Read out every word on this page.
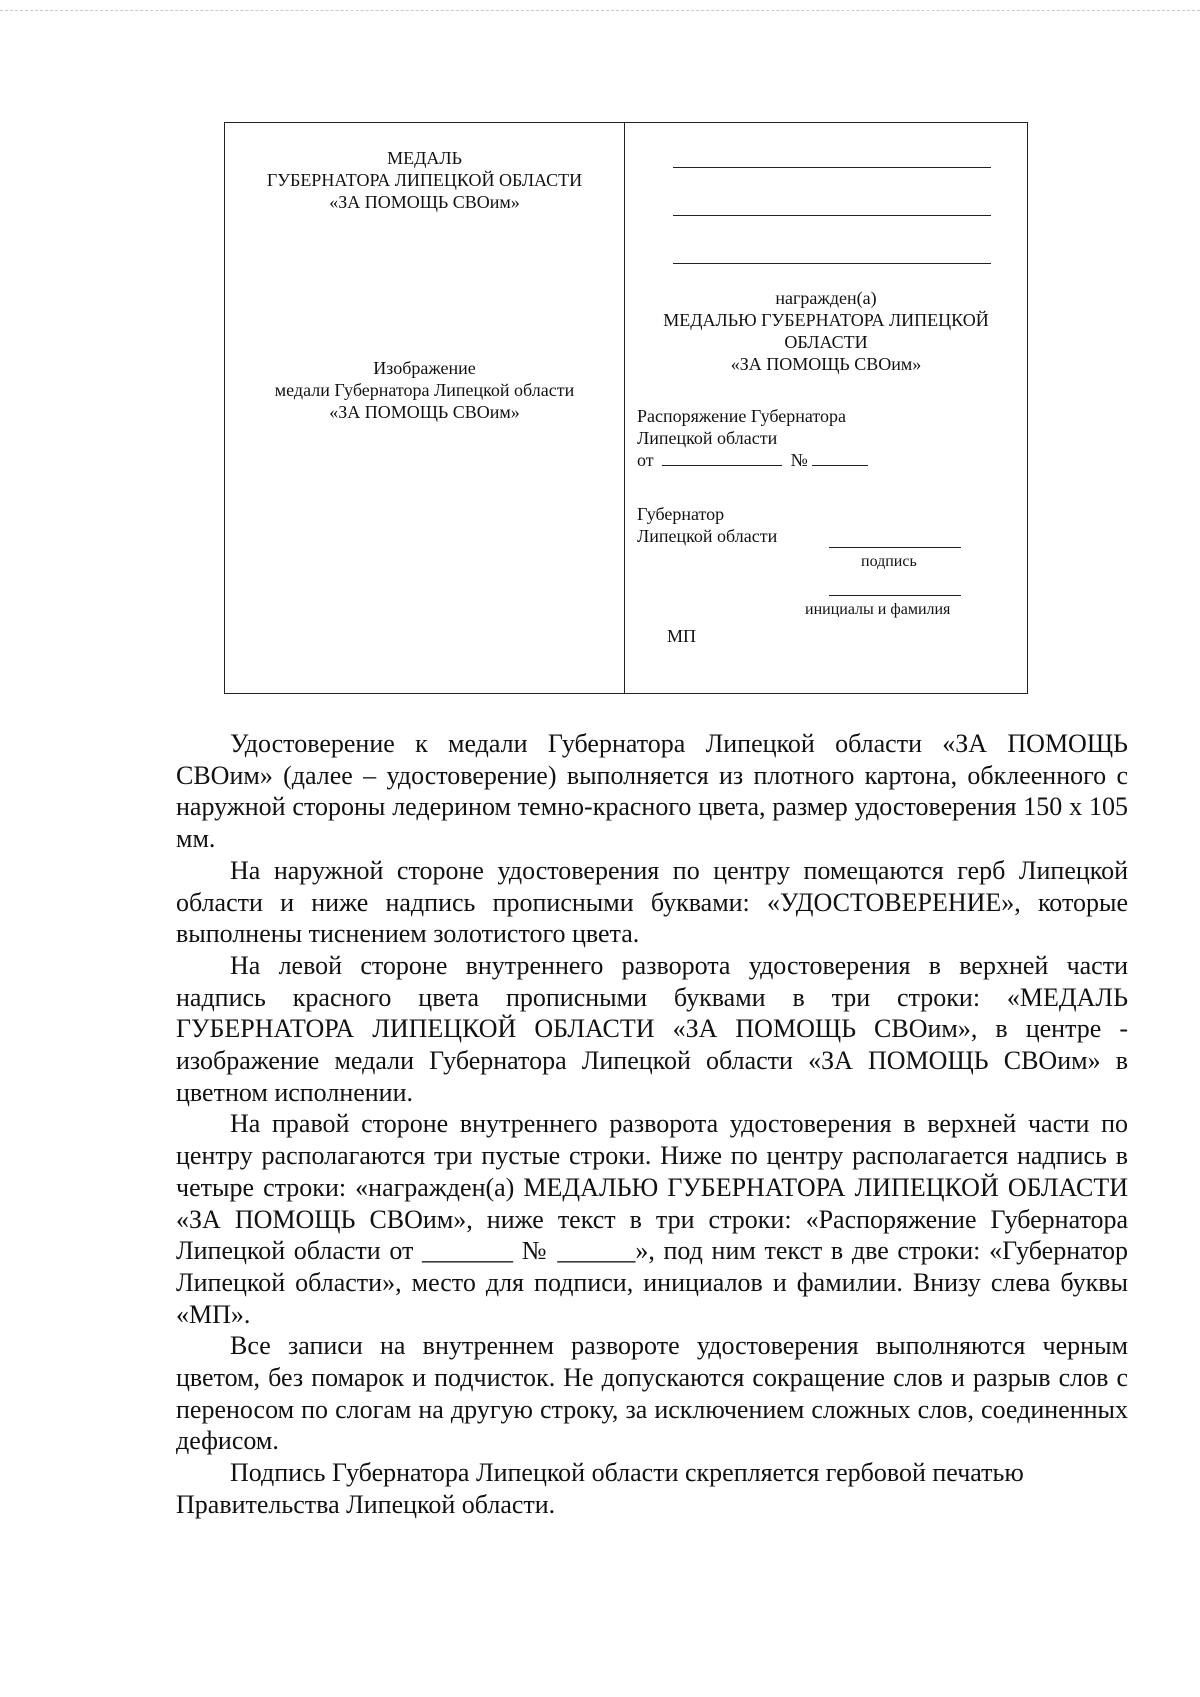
МЕДАЛЬ
ГУБЕРНАТОРА ЛИПЕЦКОЙ ОБЛАСТИ
«ЗА ПОМОЩЬ СВОим»
Изображение
медали Губернатора Липецкой области
«ЗА ПОМОЩЬ СВОим»
награжден(а)
МЕДАЛЬЮ ГУБЕРНАТОРА ЛИПЕЦКОЙ
ОБЛАСТИ
«ЗА ПОМОЩЬ СВОим»
Распоряжение Губернатора
Липецкой области
от	№
Губернатор
Липецкой области
подпись
инициалы и фамилия
МП

Удостоверение к медали Губернатора Липецкой области «ЗА ПОМОЩЬ СВОим» (далее – удостоверение) выполняется из плотного картона, обклеенного с наружной стороны ледерином темно-красного цвета, размер удостоверения 150 х 105 мм.

На наружной стороне удостоверения по центру помещаются герб Липецкой области и ниже надпись прописными буквами: «УДОСТОВЕРЕНИЕ», которые выполнены тиснением золотистого цвета.

На левой стороне внутреннего разворота удостоверения в верхней части надпись красного цвета прописными буквами в три строки: «МЕДАЛЬ ГУБЕРНАТОРА ЛИПЕЦКОЙ ОБЛАСТИ «ЗА ПОМОЩЬ СВОим», в центре - изображение медали Губернатора Липецкой области «ЗА ПОМОЩЬ СВОим» в цветном исполнении.

На правой стороне внутреннего разворота удостоверения в верхней части по центру располагаются три пустые строки. Ниже по центру располагается надпись в четыре строки: «награжден(а) МЕДАЛЬЮ ГУБЕРНАТОРА ЛИПЕЦКОЙ ОБЛАСТИ «ЗА ПОМОЩЬ СВОим», ниже текст в три строки: «Распоряжение Губернатора Липецкой области от _______ № ______», под ним текст в две строки: «Губернатор Липецкой области», место для подписи, инициалов и фамилии. Внизу слева буквы «МП».

Все записи на внутреннем развороте удостоверения выполняются черным цветом, без помарок и подчисток. Не допускаются сокращение слов и разрыв слов с переносом по слогам на другую строку, за исключением сложных слов, соединенных дефисом.

Подпись Губернатора Липецкой области скрепляется гербовой печатью Правительства Липецкой области.
